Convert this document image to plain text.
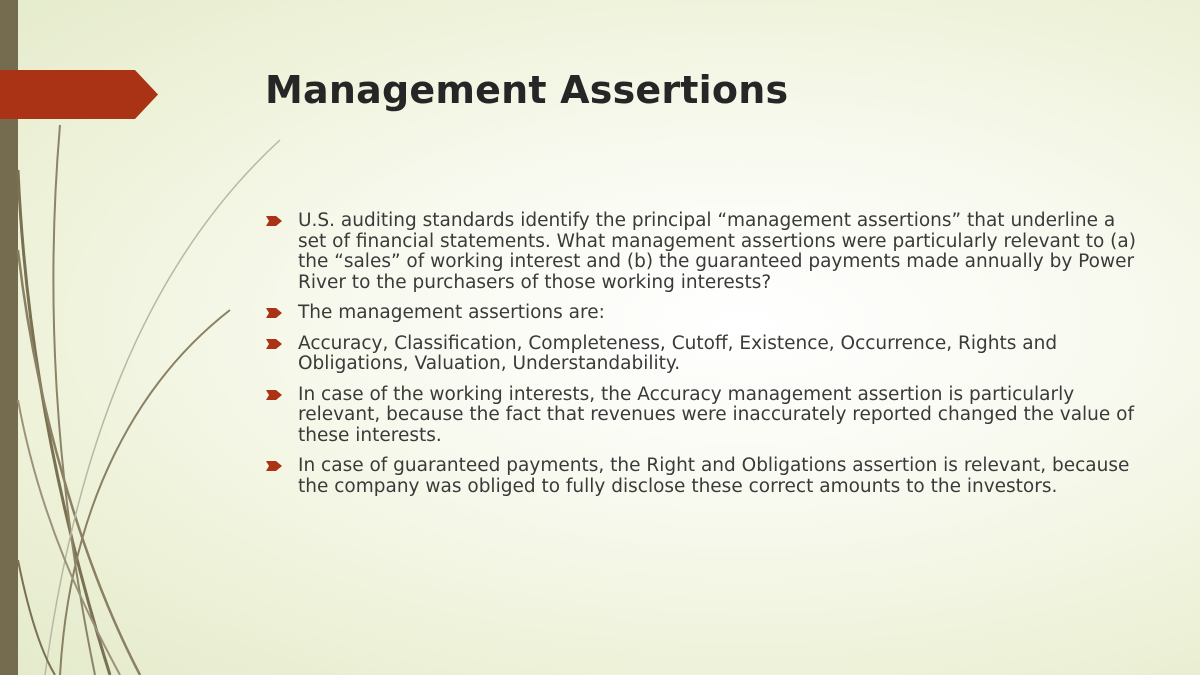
Management Assertions
U.S. auditing standards identify the principal “management assertions” that underline a set of financial statements. What management assertions were particularly relevant to (a) the “sales” of working interest and (b) the guaranteed payments made annually by Power River to the purchasers of those working interests?
The management assertions are:
Accuracy, Classification, Completeness, Cutoff, Existence, Occurrence, Rights and Obligations, Valuation, Understandability.
In case of the working interests, the Accuracy management assertion is particularly relevant, because the fact that revenues were inaccurately reported changed the value of these interests.
In case of guaranteed payments, the Right and Obligations assertion is relevant, because the company was obliged to fully disclose these correct amounts to the investors.
